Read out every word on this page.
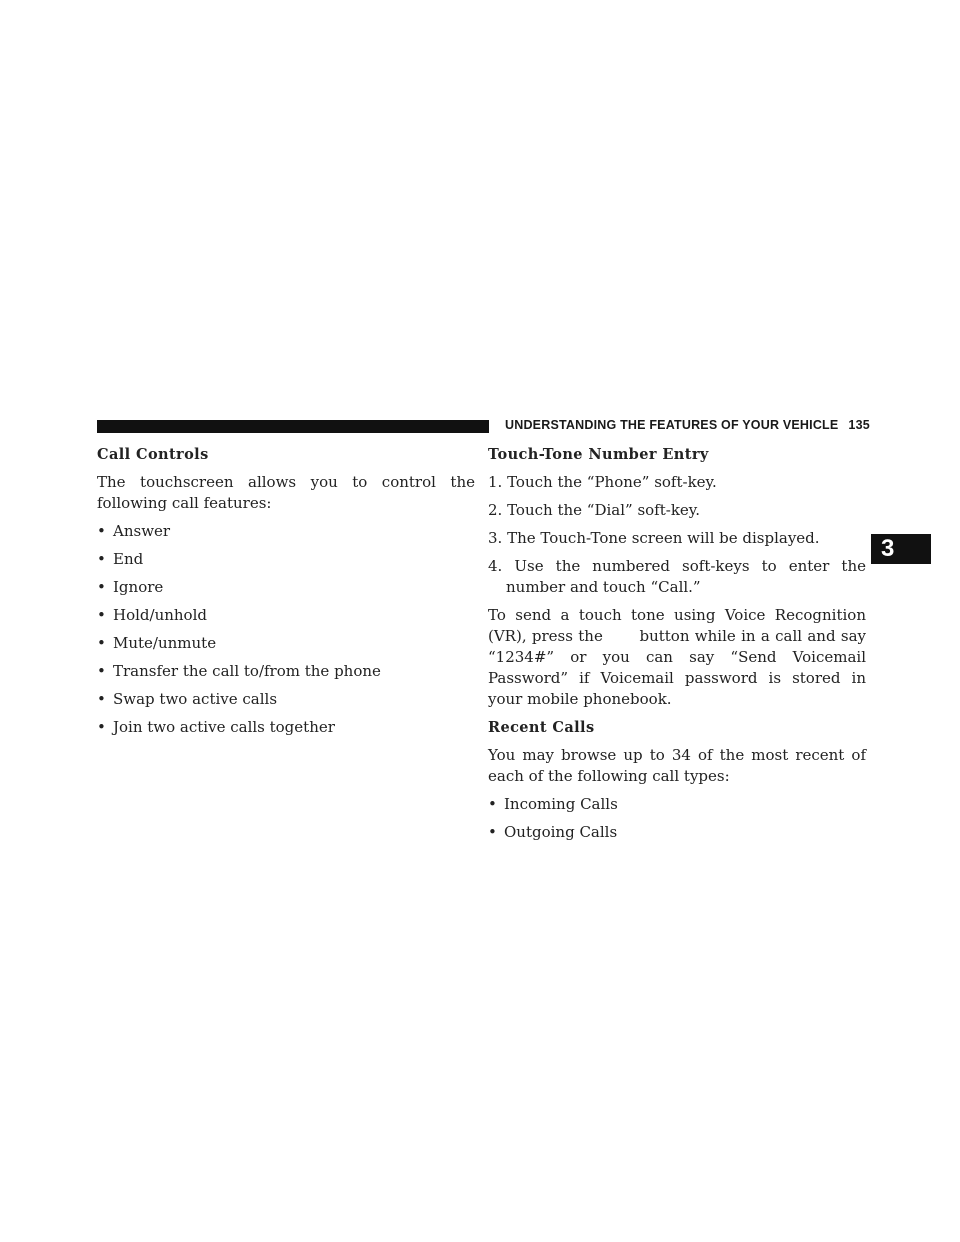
UNDERSTANDING THE FEATURES OF YOUR VEHICLE 135
3
Call Controls
The touchscreen allows you to control the following call features:
• Answer
• End
• Ignore
• Hold/unhold
• Mute/unmute
• Transfer the call to/from the phone
• Swap two active calls
• Join two active calls together
Touch-Tone Number Entry
1. Touch the “Phone” soft-key.
2. Touch the “Dial” soft-key.
3. The Touch-Tone screen will be displayed.
4. Use the numbered soft-keys to enter the number and touch “Call.”
To send a touch tone using Voice Recognition (VR), press the button while in a call and say “1234#” or you can say “Send Voicemail Password” if Voicemail password is stored in your mobile phonebook.
Recent Calls
You may browse up to 34 of the most recent of each of the following call types:
• Incoming Calls
• Outgoing Calls
